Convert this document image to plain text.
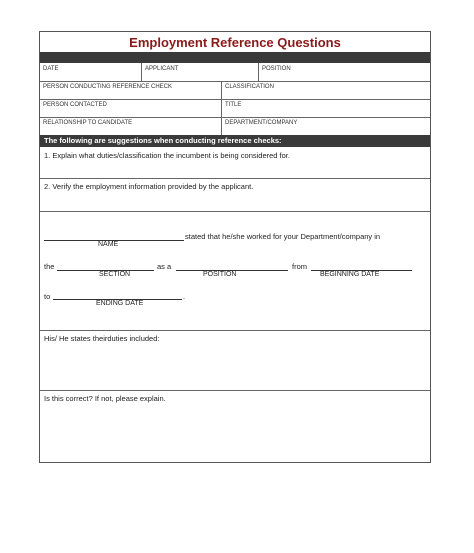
Employment Reference Questions
DATE	APPLICANT	POSITION
PERSON CONDUCTING REFERENCE CHECK	CLASSIFICATION
PERSON CONTACTED	TITLE
RELATIONSHIP TO CANDIDATE	DEPARTMENT/COMPANY
The following are suggestions when conducting reference checks:
1. Explain what duties/classification the incumbent is being considered for.
2. Verify the employment information provided by the applicant.
stated that he/she worked for your Department/company in
NAME
the	as a	from
SECTION	POSITION	BEGINNING DATE
to	.
ENDING DATE
His/ He states theirduties included:
Is this correct? If not, please explain.
